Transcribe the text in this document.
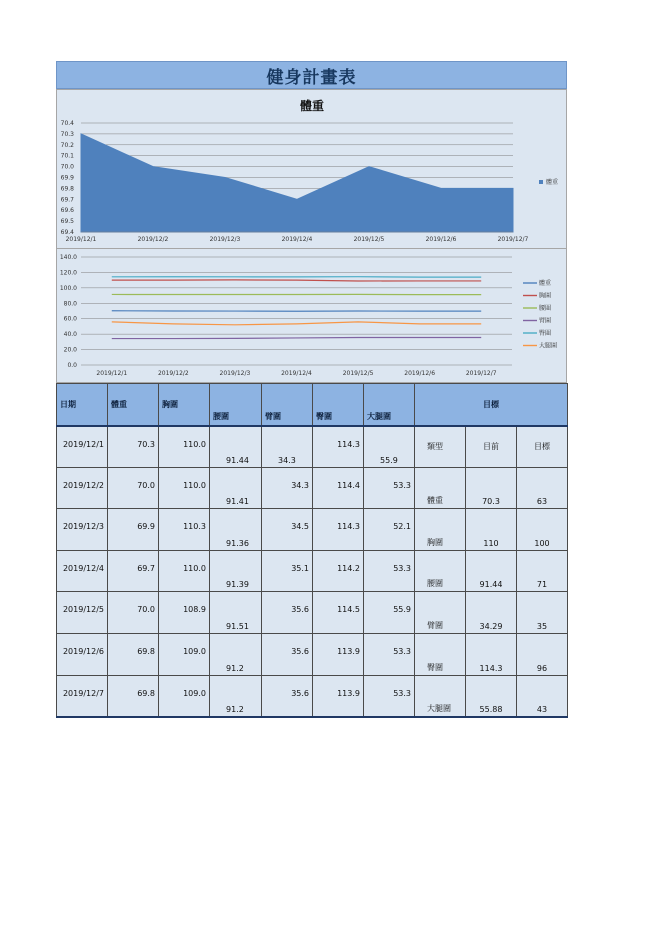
健身計畫表
體重
70.4
70.3
70.2
70.1
70.0
69.9
69.8
69.7
69.6
69.5
69.4
2019/12/1	2019/12/2	2019/12/3	2019/12/4	2019/12/5	2019/12/6	2019/12/7
體重
140.0
120.0
100.0
80.0
60.0
40.0
20.0
0.0
2019/12/1	2019/12/2	2019/12/3	2019/12/4	2019/12/5	2019/12/6	2019/12/7
體重
胸圍
腰圍
臂圍
臀圍
大腿圍
日期	體重	胸圍	腰圍	臂圍	臀圍	大腿圍	目標		
2019/12/1	70.3	110.0	91.44	34.3	114.3	55.9	類型	目前	目標
2019/12/2	70.0	110.0	91.41	34.3	114.4	53.3	體重	70.3	63
2019/12/3	69.9	110.3	91.36	34.5	114.3	52.1	胸圍	110	100
2019/12/4	69.7	110.0	91.39	35.1	114.2	53.3	腰圍	91.44	71
2019/12/5	70.0	108.9	91.51	35.6	114.5	55.9	臂圍	34.29	35
2019/12/6	69.8	109.0	91.2	35.6	113.9	53.3	臀圍	114.3	96
2019/12/7	69.8	109.0	91.2	35.6	113.9	53.3	大腿圍	55.88	43
